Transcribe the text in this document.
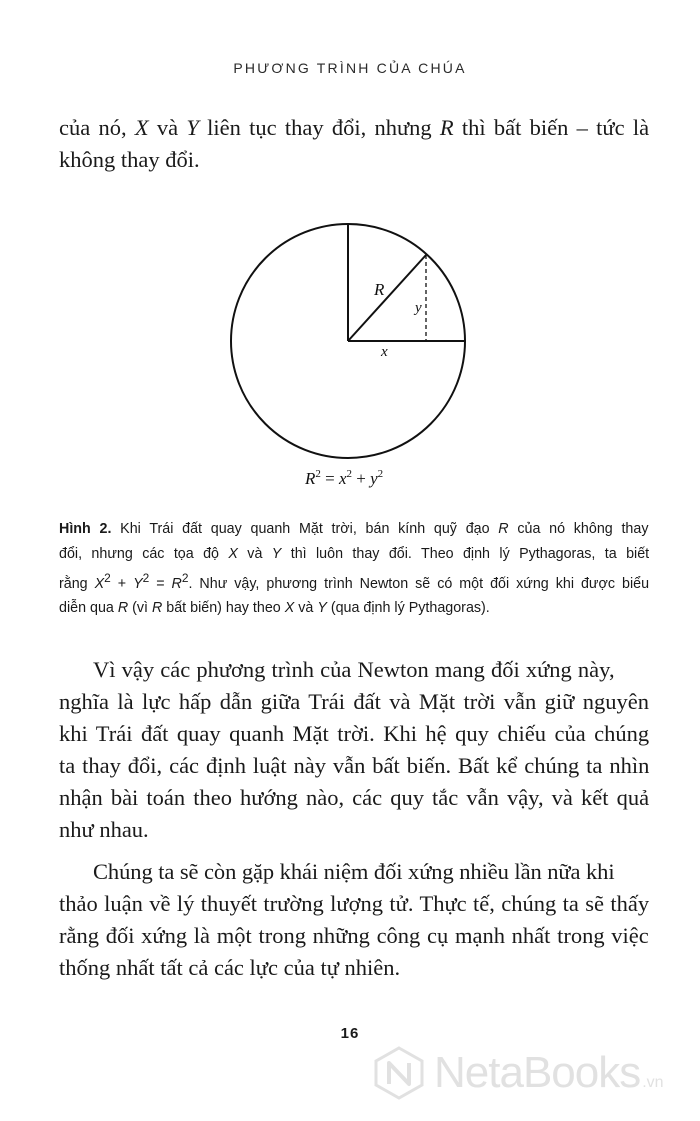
PHƯƠNG TRÌNH CỦA CHÚA

của nó, X và Y liên tục thay đổi, nhưng R thì bất biến – tức là
không thay đổi.

R
y
x
$R^2 = x^2 + y^2$

Hình 2. Khi Trái đất quay quanh Mặt trời, bán kính quỹ đạo R của nó không thay
đổi, nhưng các tọa độ X và Y thì luôn thay đổi. Theo định lý Pythagoras, ta biết
rằng $X^2 + Y^2 = R^2$. Như vậy, phương trình Newton sẽ có một đối xứng khi được biểu
diễn qua R (vì R bất biến) hay theo X và Y (qua định lý Pythagoras).

Vì vậy các phương trình của Newton mang đối xứng này,
nghĩa là lực hấp dẫn giữa Trái đất và Mặt trời vẫn giữ nguyên
khi Trái đất quay quanh Mặt trời. Khi hệ quy chiếu của chúng
ta thay đổi, các định luật này vẫn bất biến. Bất kể chúng ta nhìn
nhận bài toán theo hướng nào, các quy tắc vẫn vậy, và kết quả
như nhau.

Chúng ta sẽ còn gặp khái niệm đối xứng nhiều lần nữa khi
thảo luận về lý thuyết trường lượng tử. Thực tế, chúng ta sẽ thấy
rằng đối xứng là một trong những công cụ mạnh nhất trong việc
thống nhất tất cả các lực của tự nhiên.

16
NetaBooks .vn
